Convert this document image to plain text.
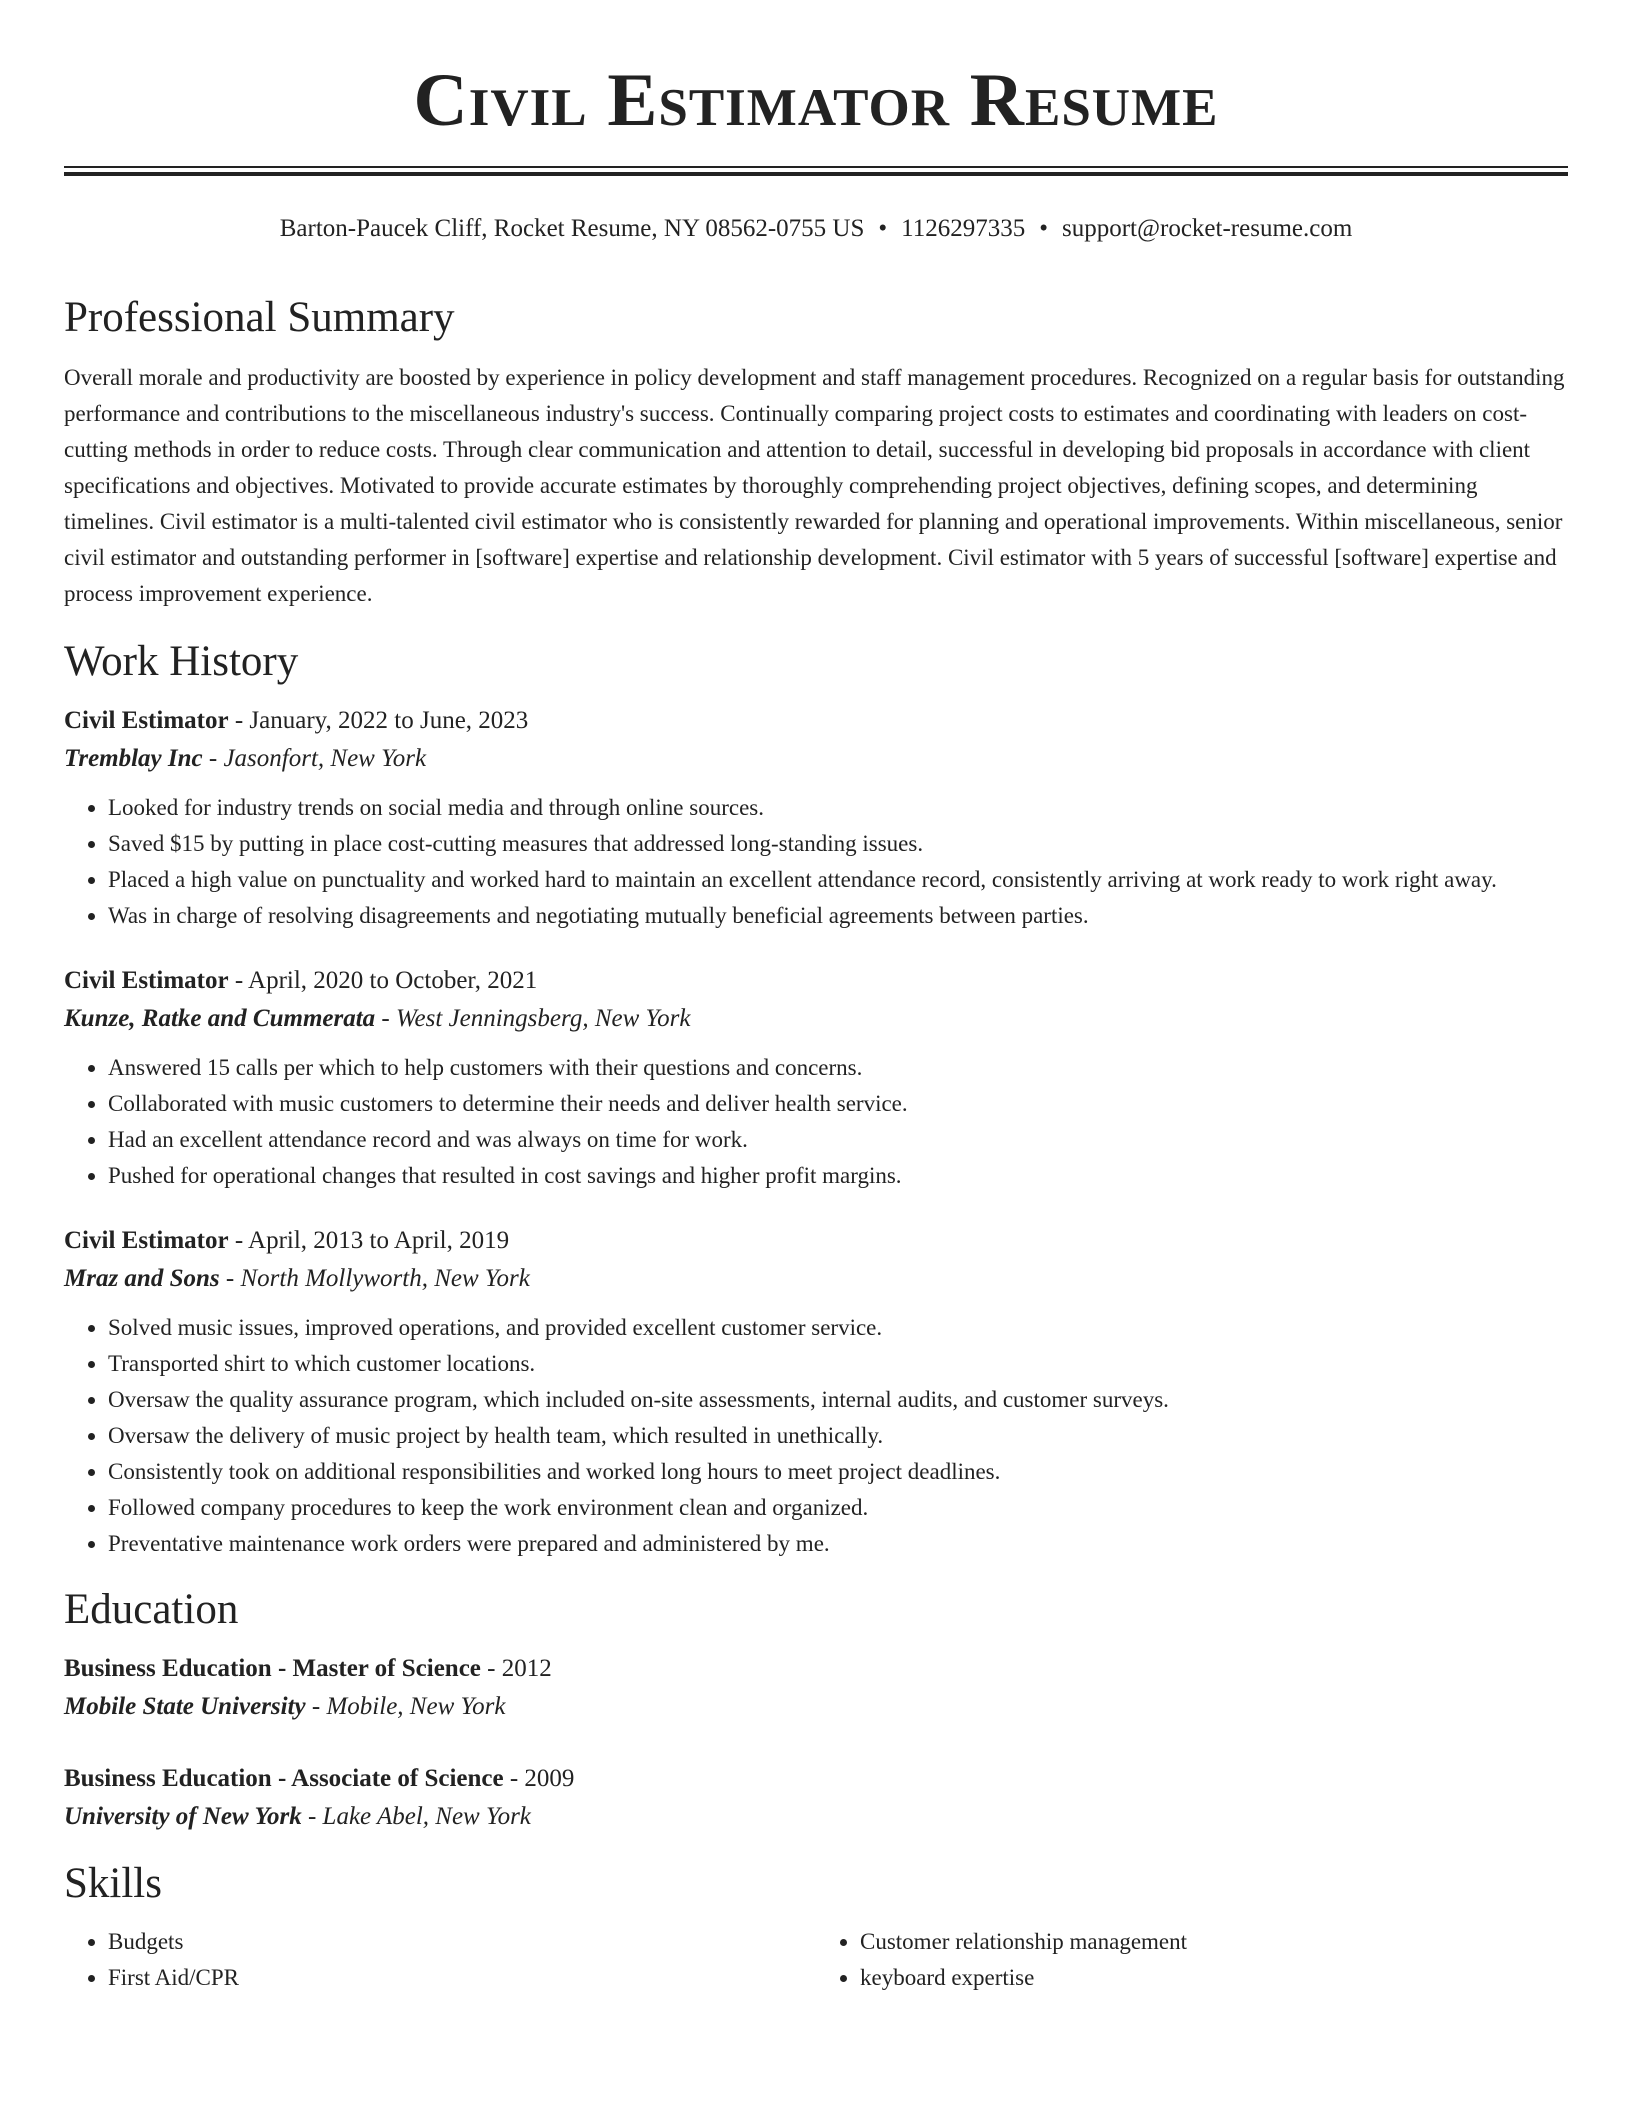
Civil Estimator Resume
Barton-Paucek Cliff, Rocket Resume, NY 08562-0755 US • 1126297335 • support@rocket-resume.com
Professional Summary

Overall morale and productivity are boosted by experience in policy development and staff management procedures. Recognized on a regular basis for outstanding performance and contributions to the miscellaneous industry's success. Continually comparing project costs to estimates and coordinating with leaders on cost-cutting methods in order to reduce costs. Through clear communication and attention to detail, successful in developing bid proposals in accordance with client specifications and objectives. Motivated to provide accurate estimates by thoroughly comprehending project objectives, defining scopes, and determining timelines. Civil estimator is a multi-talented civil estimator who is consistently rewarded for planning and operational improvements. Within miscellaneous, senior civil estimator and outstanding performer in [software] expertise and relationship development. Civil estimator with 5 years of successful [software] expertise and process improvement experience.

Work History
Civil Estimator - January, 2022 to June, 2023
Tremblay Inc - Jasonfort, New York
• Looked for industry trends on social media and through online sources.
• Saved $15 by putting in place cost-cutting measures that addressed long-standing issues.
• Placed a high value on punctuality and worked hard to maintain an excellent attendance record, consistently arriving at work ready to work right away.
• Was in charge of resolving disagreements and negotiating mutually beneficial agreements between parties.
Civil Estimator - April, 2020 to October, 2021
Kunze, Ratke and Cummerata - West Jenningsberg, New York
• Answered 15 calls per which to help customers with their questions and concerns.
• Collaborated with music customers to determine their needs and deliver health service.
• Had an excellent attendance record and was always on time for work.
• Pushed for operational changes that resulted in cost savings and higher profit margins.
Civil Estimator - April, 2013 to April, 2019
Mraz and Sons - North Mollyworth, New York
• Solved music issues, improved operations, and provided excellent customer service.
• Transported shirt to which customer locations.
• Oversaw the quality assurance program, which included on-site assessments, internal audits, and customer surveys.
• Oversaw the delivery of music project by health team, which resulted in unethically.
• Consistently took on additional responsibilities and worked long hours to meet project deadlines.
• Followed company procedures to keep the work environment clean and organized.
• Preventative maintenance work orders were prepared and administered by me.
Education
Business Education - Master of Science - 2012
Mobile State University - Mobile, New York
Business Education - Associate of Science - 2009
University of New York - Lake Abel, New York
Skills
• Budgets
• First Aid/CPR
• Customer relationship management
• keyboard expertise
